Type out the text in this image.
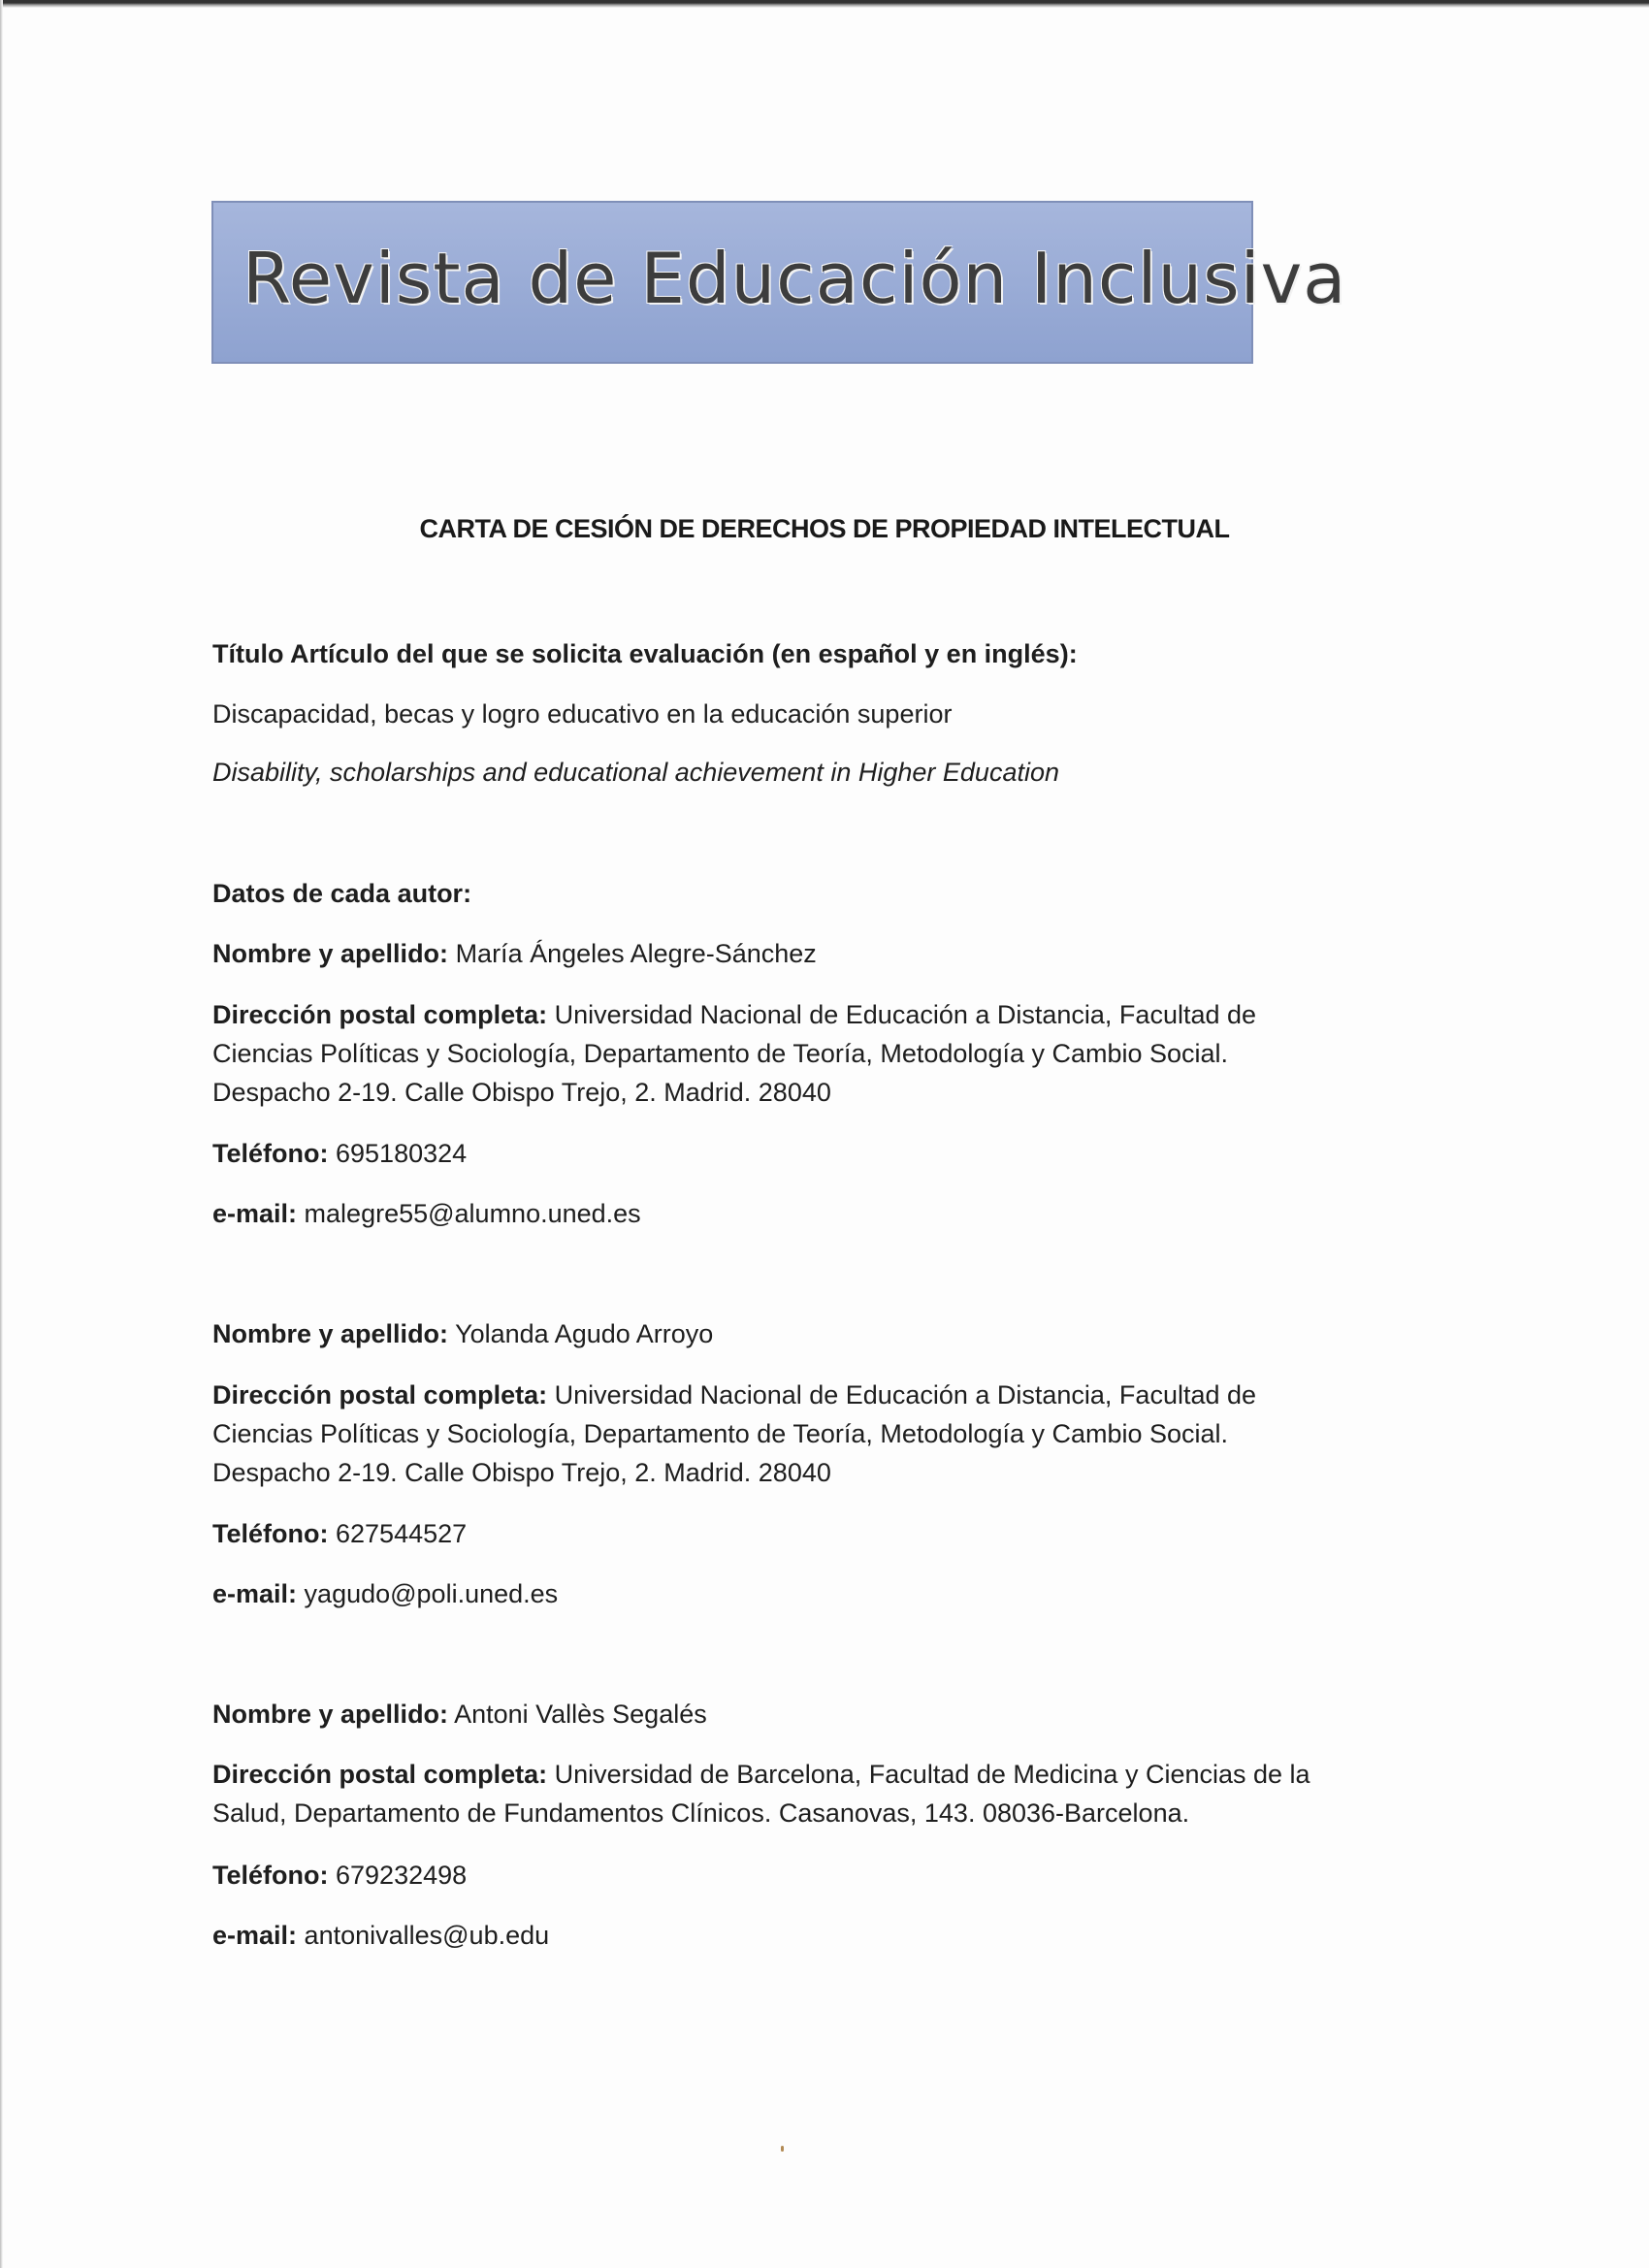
Revista de Educación Inclusiva
CARTA DE CESIÓN DE DERECHOS DE PROPIEDAD INTELECTUAL
Título Artículo del que se solicita evaluación (en español y en inglés):
Discapacidad, becas y logro educativo en la educación superior
Disability, scholarships and educational achievement in Higher Education
Datos de cada autor:
Nombre y apellido: María Ángeles Alegre-Sánchez
Dirección postal completa: Universidad Nacional de Educación a Distancia, Facultad de
Ciencias Políticas y Sociología, Departamento de Teoría, Metodología y Cambio Social.
Despacho 2-19. Calle Obispo Trejo, 2. Madrid. 28040
Teléfono: 695180324
e-mail: malegre55@alumno.uned.es
Nombre y apellido: Yolanda Agudo Arroyo
Dirección postal completa: Universidad Nacional de Educación a Distancia, Facultad de
Ciencias Políticas y Sociología, Departamento de Teoría, Metodología y Cambio Social.
Despacho 2-19. Calle Obispo Trejo, 2. Madrid. 28040
Teléfono: 627544527
e-mail: yagudo@poli.uned.es
Nombre y apellido: Antoni Vallès Segalés
Dirección postal completa: Universidad de Barcelona, Facultad de Medicina y Ciencias de la
Salud, Departamento de Fundamentos Clínicos. Casanovas, 143. 08036-Barcelona.
Teléfono: 679232498
e-mail: antonivalles@ub.edu
